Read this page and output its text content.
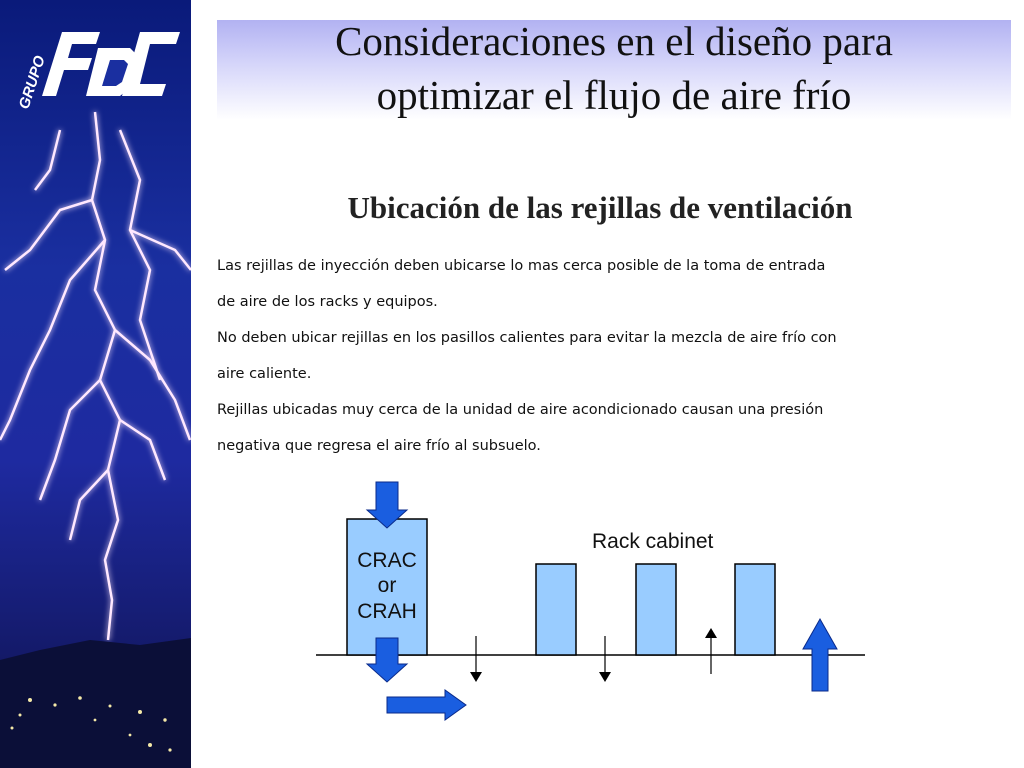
GRUPO
Consideraciones en el diseño para
optimizar el flujo de aire frío
Ubicación de las rejillas de ventilación

Las rejillas de inyección deben ubicarse lo mas cerca posible de la toma de entrada

de aire de los racks y equipos.

No deben ubicar rejillas en los pasillos calientes para evitar la mezcla de aire frío con

aire caliente.

Rejillas ubicadas muy cerca de la unidad de aire acondicionado causan una presión

negativa que regresa el aire frío al subsuelo.

CRAC
or
CRAH
Rack cabinet
